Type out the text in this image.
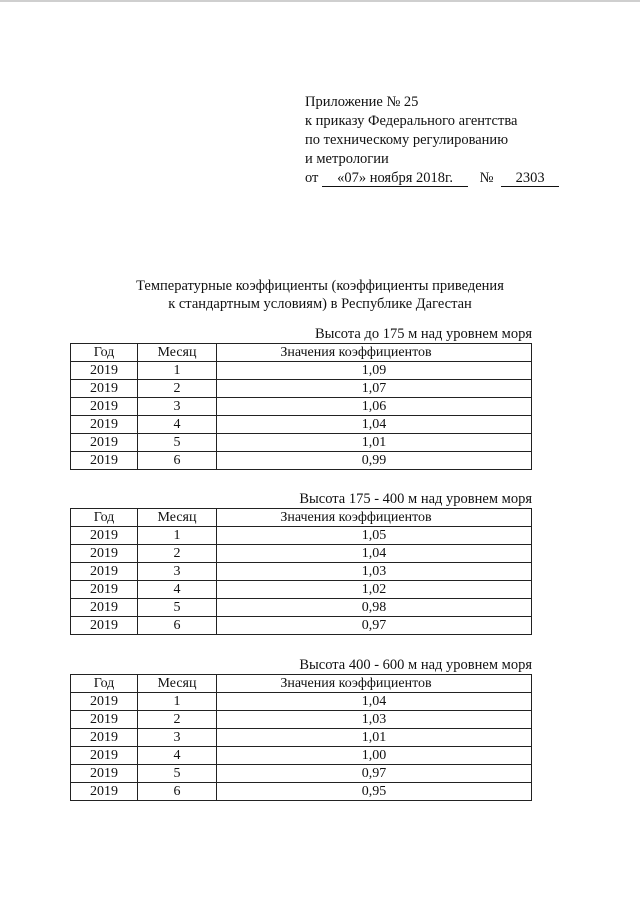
Приложение № 25
к приказу Федерального агентства
по техническому регулированию
и метрологии
от «07» ноября 2018г. № 2303
Температурные коэффициенты (коэффициенты приведения
к стандартным условиям) в Республике Дагестан
Высота до 175 м над уровнем моря
Год	Месяц	Значения коэффициентов
2019	1	1,09
2019	2	1,07
2019	3	1,06
2019	4	1,04
2019	5	1,01
2019	6	0,99
Высота 175 - 400 м над уровнем моря
Год	Месяц	Значения коэффициентов
2019	1	1,05
2019	2	1,04
2019	3	1,03
2019	4	1,02
2019	5	0,98
2019	6	0,97
Высота 400 - 600 м над уровнем моря
Год	Месяц	Значения коэффициентов
2019	1	1,04
2019	2	1,03
2019	3	1,01
2019	4	1,00
2019	5	0,97
2019	6	0,95
